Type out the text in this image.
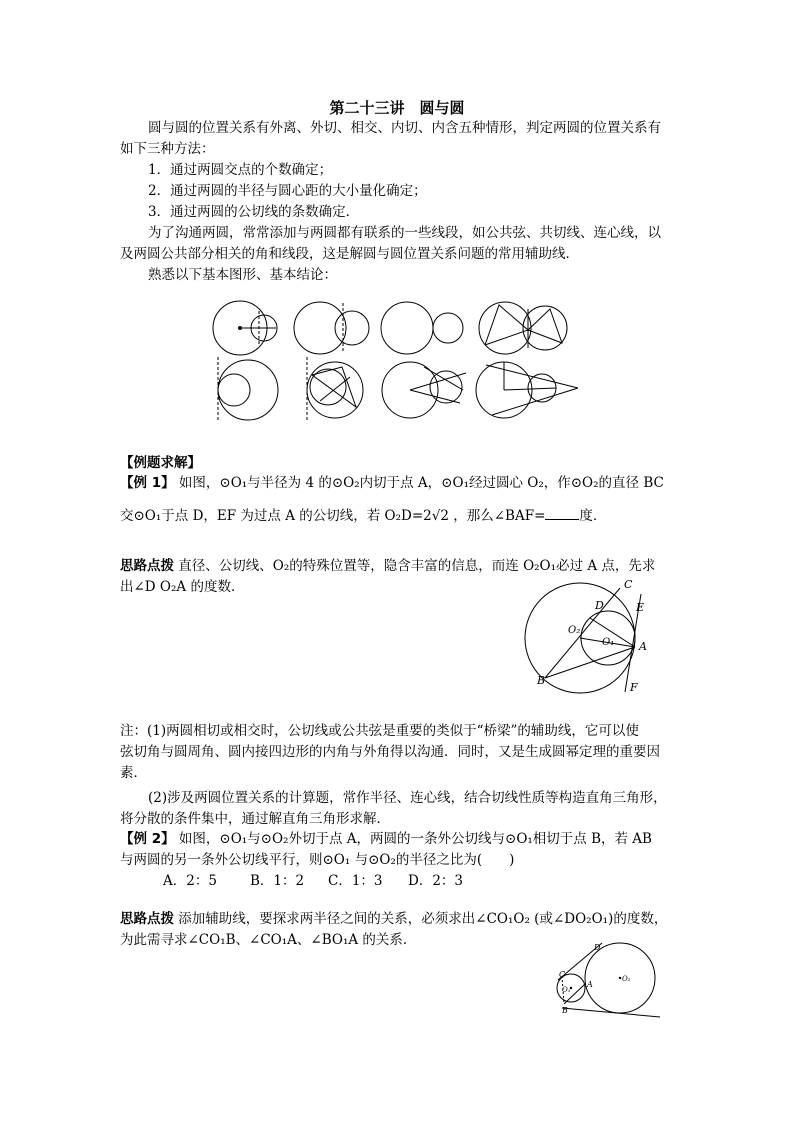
第二十三讲　圆与圆
圆与圆的位置关系有外离、外切、相交、内切、内含五种情形，判定两圆的位置关系有
如下三种方法：
1．通过两圆交点的个数确定；
2．通过两圆的半径与圆心距的大小量化确定；
3．通过两圆的公切线的条数确定．
为了沟通两圆，常常添加与两圆都有联系的一些线段，如公共弦、共切线、连心线，以
及两圆公共部分相关的角和线段，这是解圆与圆位置关系问题的常用辅助线．
熟悉以下基本图形、基本结论：
【例题求解】
【例 1】 如图，⊙O₁与半径为 4 的⊙O₂内切于点 A，⊙O₁经过圆心 O₂，作⊙O₂的直径 BC
交⊙O₁于点 D，EF 为过点 A 的公切线，若 O₂D=2√2 ，那么∠BAF=	度．
思路点拨 直径、公切线、O₂的特殊位置等，隐含丰富的信息，而连 O₂O₁必过 A 点，先求
出∠D O₂A 的度数．	C
D	E
O₂
O₁ A
B
F
注：(1)两圆相切或相交时，公切线或公共弦是重要的类似于“桥梁”的辅助线，它可以使
弦切角与圆周角、圆内接四边形的内角与外角得以沟通．同时，又是生成圆幂定理的重要因
素．
(2)涉及两圆位置关系的计算题，常作半径、连心线，结合切线性质等构造直角三角形，
将分散的条件集中，通过解直角三角形求解．
【例 2】 如图，⊙O₁与⊙O₂外切于点 A，两圆的一条外公切线与⊙O₁相切于点 B，若 AB
与两圆的另一条外公切线平行，则⊙O₁ 与⊙O₂的半径之比为(　　)
A．2：5 B．1：2 C．1：3 D．2：3
思路点拨 添加辅助线，要探求两半径之间的关系，必须求出∠CO₁O₂ (或∠DO₂O₁)的度数，
为此需寻求∠CO₁B、∠CO₁A、∠BO₁A 的关系．	D
C
O₁
A
O₂
B
